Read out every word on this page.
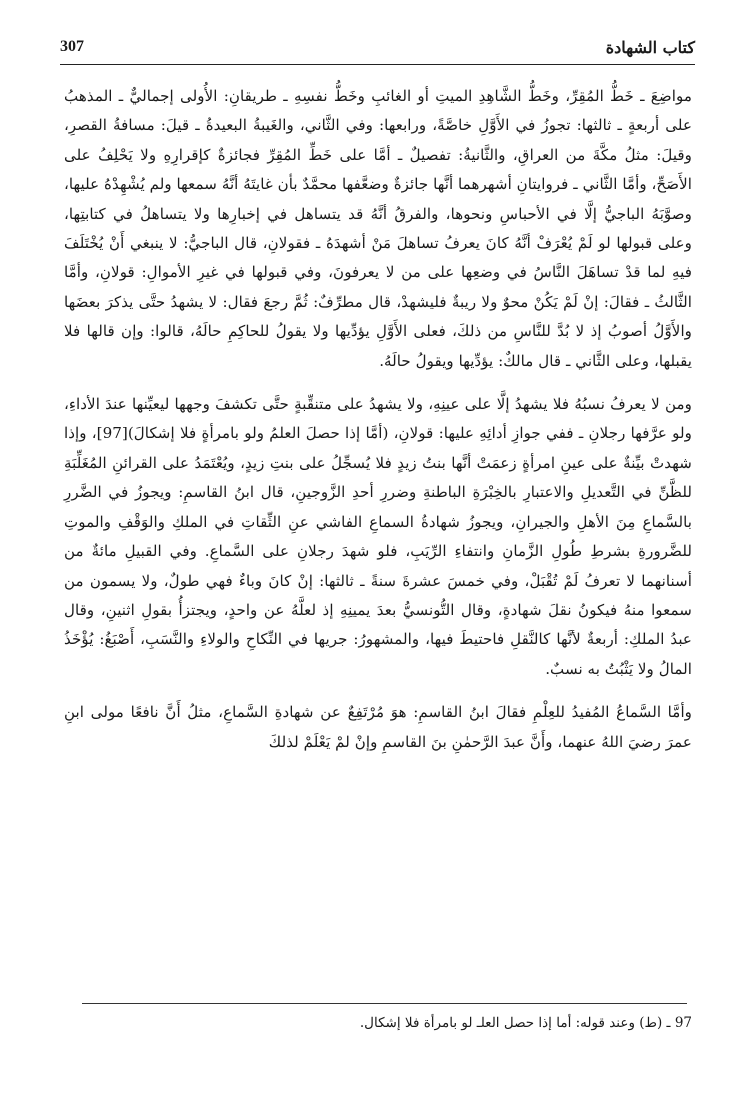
كتاب الشهادة
307

مواضِعَ ـ خَطُّ المُقِرِّ، وخَطُّ الشَّاهِدِ الميتِ أو الغائبِ وخَطُّ نفسِهِ ـ طريقانِ: الأُولى إجماليٌّ ـ المذهبُ على أربعةٍ ـ ثالثها: تجوزُ في الأَوَّلِ خاصَّةً، ورابعها: وفي الثَّاني، والغَيبةُ البعيدةُ ـ قيلَ: مسافةُ القصرِ، وقيلَ: مثلُ مكَّةَ من العراقِ، والثَّانيةُ: تفصيلٌ ـ أمَّا على خَطِّ المُقِرِّ فجائزةٌ كإقرارِهِ ولا يَحْلِفُ على الأَصَحِّ، وأمَّا الثَّاني ـ فروايتانِ أشهرهما أنَّها جائزةٌ وضعَّفها محمَّدٌ بأن غايتَهُ أنَّهُ سمعها ولم يُشْهِدْهُ عليها، وصوَّبَهُ الباجيُّ إلَّا في الأحباسِ ونحوها، والفرقُ أنَّهُ قد يتساهل في إخبارِها ولا يتساهلُ في كتابتِها، وعلى قبولها لو لَمْ يُعْرَفْ أنَّهُ كانَ يعرفُ تساهلَ مَنْ أشهدَهُ ـ فقولانِ، قال الباجيُّ: لا ينبغي أَنْ يُخْتَلَفَ فيهِ لما قدْ تساهَلَ النَّاسُ في وضعِها على من لا يعرفونَ، وفي قبولها في غيرِ الأموالِ: قولانِ، وأمَّا الثَّالثُ ـ فقالَ: إنْ لَمْ يَكُنْ محوٌ ولا ريبةٌ فليشهدْ، قال مطرِّفٌ: ثُمَّ رجعَ فقال: لا يشهدُ حتَّى يذكرَ بعضَها والأَوَّلُ أصوبُ إذ لا بُدَّ للنَّاسِ من ذلكَ، فعلى الأَوَّلِ يؤدِّيها ولا يقولُ للحاكِمِ حالَهُ، قالوا: وإن قالها فلا يقبلها، وعلى الثَّاني ـ قال مالكٌ: يؤدِّيها ويقولُ حالَهُ.

ومن لا يعرفُ نسبُهُ فلا يشهدُ إلَّا على عينِهِ، ولا يشهدُ على متنقِّبةٍ حتَّى تكشفَ وجهها ليعيِّنها عندَ الأداءِ، ولو عرَّفها رجلانِ ـ ففي جوازِ أدائِهِ عليها: قولانِ، (أمَّا إذا حصلَ العلمُ ولو بامرأةٍ فلا إشكالَ)[97]، وإذا شهدتْ بيِّنةٌ على عينِ امرأةٍ زعمَتْ أنَّها بنتُ زيدٍ فلا يُسجِّلُ على بنتِ زيدٍ، ويُعْتَمَدُ على القرائنِ المُغَلِّبَةِ للظَّنِّ في التَّعديلِ والاعتبارِ بالخِبْرَةِ الباطنةِ وضررِ أحدِ الزَّوجينِ، قال ابنُ القاسمِ: ويجوزُ في الضَّررِ بالسَّماعِ مِنَ الأهلِ والجيرانِ، ويجوزُ شهادةُ السماعِ الفاشي عنِ الثِّقاتِ في الملكِ والوَقْفِ والموتِ للضَّرورةِ بشرطِ طُولِ الزَّمانِ وانتفاءِ الرِّيَبِ، فلو شهدَ رجلانِ على السَّماعِ. وفي القبيلِ مائةٌ من أسنانهما لا تعرفُ لَمْ تُقْبَلْ، وفي خمسَ عشرةَ سنةً ـ ثالثها: إنْ كانَ وباءٌ فهي طولٌ، ولا يسمون من سمعوا منهُ فيكونُ نقلَ شهادةٍ، وقال التُّونسيُّ بعدَ يمينِهِ إذ لعلَّهُ عن واحدٍ، ويجتزأُ بقولِ اثنينِ، وقال عبدُ الملكِ: أربعةٌ لأنَّها كالنَّقلِ فاحتيطَ فيها، والمشهورُ: جريها في النِّكاحِ والولاءِ والنَّسَبِ، أَصْبَغُ: يُؤْخَذُ المالُ ولا يَثْبُتُ به نسبٌ.

وأمَّا السَّماعُ المُفيدُ للعِلْمِ فقالَ ابنُ القاسمِ: هوَ مُرْتَفِعٌ عن شهادةِ السَّماعِ، مثلُ أَنَّ نافعًا مولى ابنِ عمرَ رضيَ اللهُ عنهما، وأَنَّ عبدَ الرَّحمٰنِ بنَ القاسمِ وإنْ لمْ يَعْلَمْ لذلكَ

97 ـ (ط) وعند قوله: أما إذا حصل العلـ لو بامرأة فلا إشكال.
